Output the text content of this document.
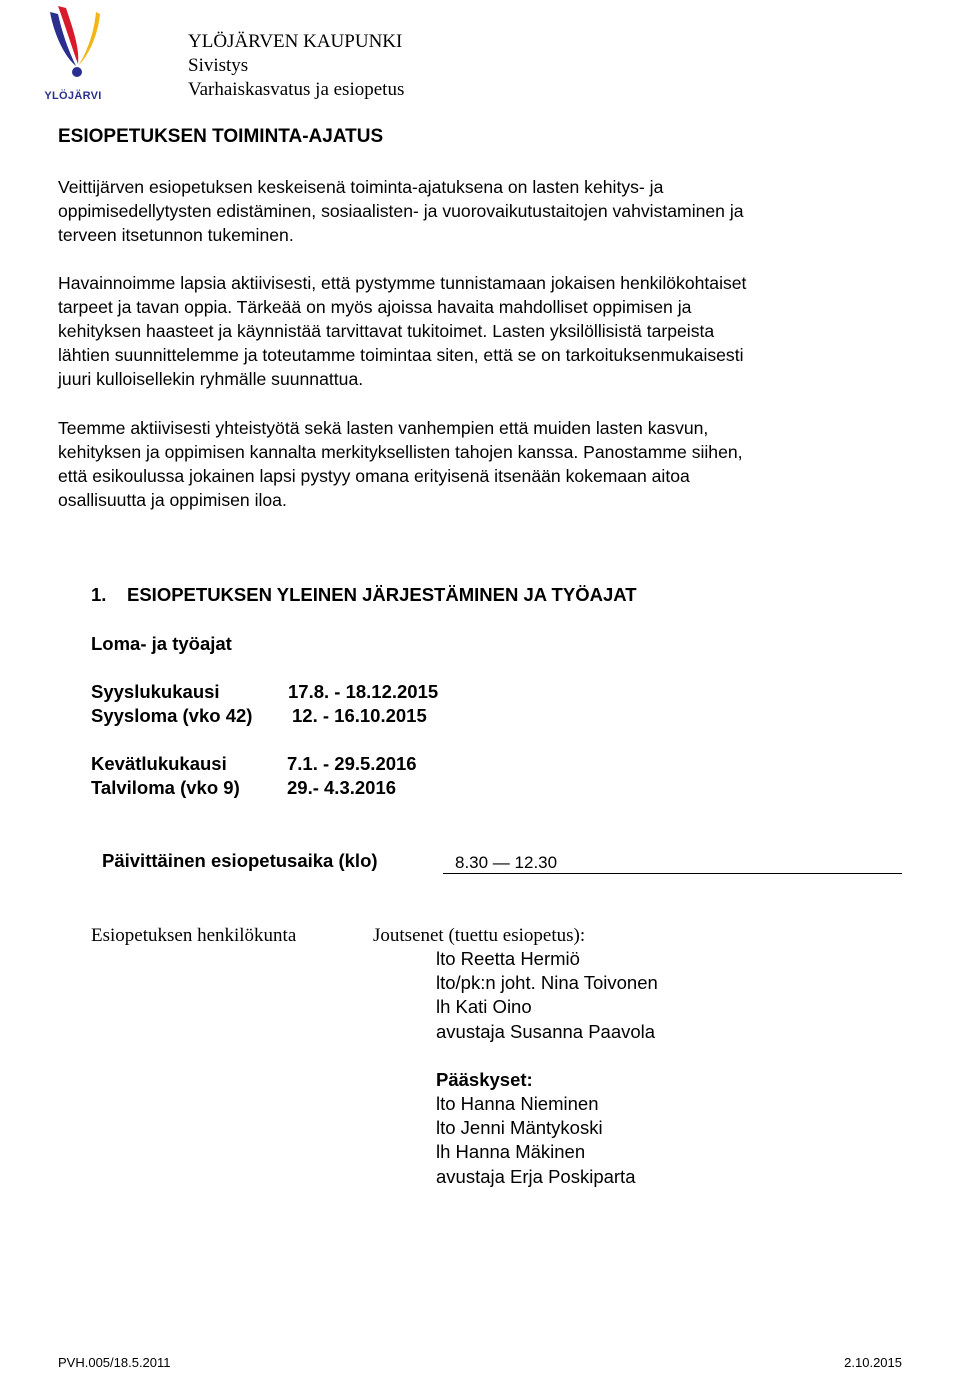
YLÖJÄRVI
YLÖJÄRVEN KAUPUNKI
Sivistys
Varhaiskasvatus ja esiopetus
ESIOPETUKSEN TOIMINTA-AJATUS
Veittijärven esiopetuksen keskeisenä toiminta-ajatuksena on lasten kehitys- ja
oppimisedellytysten edistäminen, sosiaalisten- ja vuorovaikutustaitojen vahvistaminen ja
terveen itsetunnon tukeminen.
Havainnoimme lapsia aktiivisesti, että pystymme tunnistamaan jokaisen henkilökohtaiset
tarpeet ja tavan oppia. Tärkeää on myös ajoissa havaita mahdolliset oppimisen ja
kehityksen haasteet ja käynnistää tarvittavat tukitoimet. Lasten yksilöllisistä tarpeista
lähtien suunnittelemme ja toteutamme toimintaa siten, että se on tarkoituksenmukaisesti
juuri kulloisellekin ryhmälle suunnattua.
Teemme aktiivisesti yhteistyötä sekä lasten vanhempien että muiden lasten kasvun,
kehityksen ja oppimisen kannalta merkityksellisten tahojen kanssa. Panostamme siihen,
että esikoulussa jokainen lapsi pystyy omana erityisenä itsenään kokemaan aitoa
osallisuutta ja oppimisen iloa.
1. ESIOPETUKSEN YLEINEN JÄRJESTÄMINEN JA TYÖAJAT
Loma- ja työajat
Syyslukukausi	17.8. - 18.12.2015
Syysloma (vko 42) 12. - 16.10.2015
Kevätlukukausi	7.1. - 29.5.2016
Talviloma (vko 9)	29.- 4.3.2016
Päivittäinen esiopetusaika (klo)	8.30 — 12.30
Esiopetuksen henkilökunta	Joutsenet (tuettu esiopetus):
lto Reetta Hermiö
lto/pk:n joht. Nina Toivonen
lh Kati Oino
avustaja Susanna Paavola
Pääskyset:
lto Hanna Nieminen
lto Jenni Mäntykoski
lh Hanna Mäkinen
avustaja Erja Poskiparta
PVH.005/18.5.2011	2.10.2015
